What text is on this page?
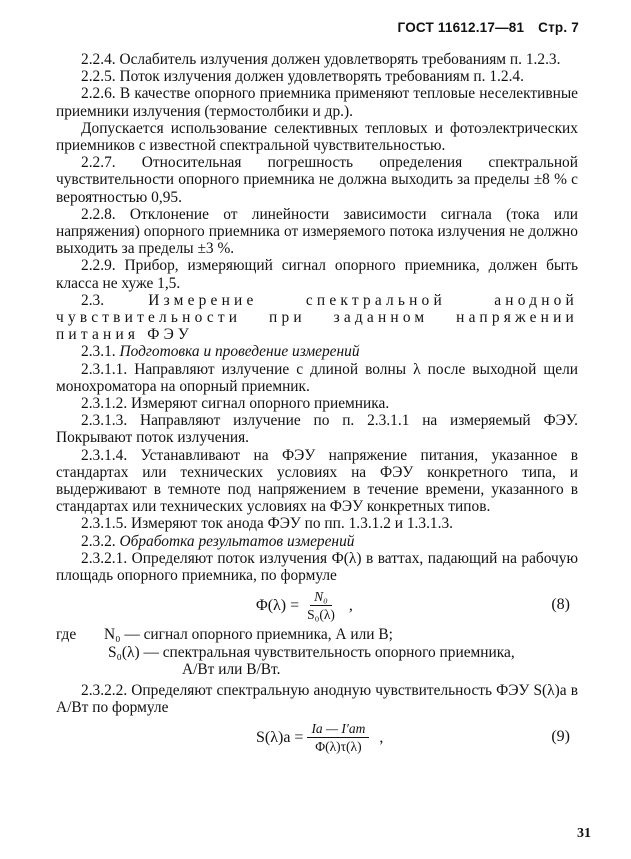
ГОСТ 11612.17—81 Стр. 7

2.2.4. Ослабитель излучения должен удовлетворять требованиям п. 1.2.3.

2.2.5. Поток излучения должен удовлетворять требованиям п. 1.2.4.

2.2.6. В качестве опорного приемника применяют тепловые неселективные приемники излучения (термостолбики и др.).

Допускается использование селективных тепловых и фотоэлектрических приемников с известной спектральной чувствительностью.

2.2.7. Относительная погрешность определения спектральной чувствительности опорного приемника не должна выходить за пределы ±8 % с вероятностью 0,95.

2.2.8. Отклонение от линейности зависимости сигнала (тока или напряжения) опорного приемника от измеряемого потока излучения не должно выходить за пределы ±3 %.

2.2.9. Прибор, измеряющий сигнал опорного приемника, должен быть класса не хуже 1,5.

2.3.	Измерение спектральной анодной чувствительности при заданном напряжении питания ФЭУ

2.3.1. Подготовка и проведение измерений

2.3.1.1. Направляют излучение с длиной волны λ после выходной щели монохроматора на опорный приемник.

2.3.1.2. Измеряют сигнал опорного приемника.

2.3.1.3. Направляют излучение по п. 2.3.1.1 на измеряемый ФЭУ. Покрывают поток излучения.

2.3.1.4. Устанавливают на ФЭУ напряжение питания, указанное в стандартах или технических условиях на ФЭУ конкретного типа, и выдерживают в темноте под напряжением в течение времени, указанного в стандартах или технических условиях на ФЭУ конкретных типов.

2.3.1.5. Измеряют ток анода ФЭУ по пп. 1.3.1.2 и 1.3.1.3.

2.3.2. Обработка результатов измерений

2.3.2.1. Определяют поток излучения Ф(λ) в ваттах, падающий на рабочую площадь опорного приемника, по формуле

$\Phi(\lambda) = \frac{\text{N₀}}{\text{S₀(λ)}}$ ,	(8)
где	N₀ — сигнал опорного приемника, А или В;
S₀(λ) — спектральная чувствительность опорного приемника,
А/Вт или В/Вт.

2.3.2.2. Определяют спектральную анодную чувствительность ФЭУ S(λ)а в А/Вт по формуле

$S(\lambda)а = \frac{Iа — I'ат}{\Phi(\lambda)\tau(\lambda)}$ ,	(9)
31
